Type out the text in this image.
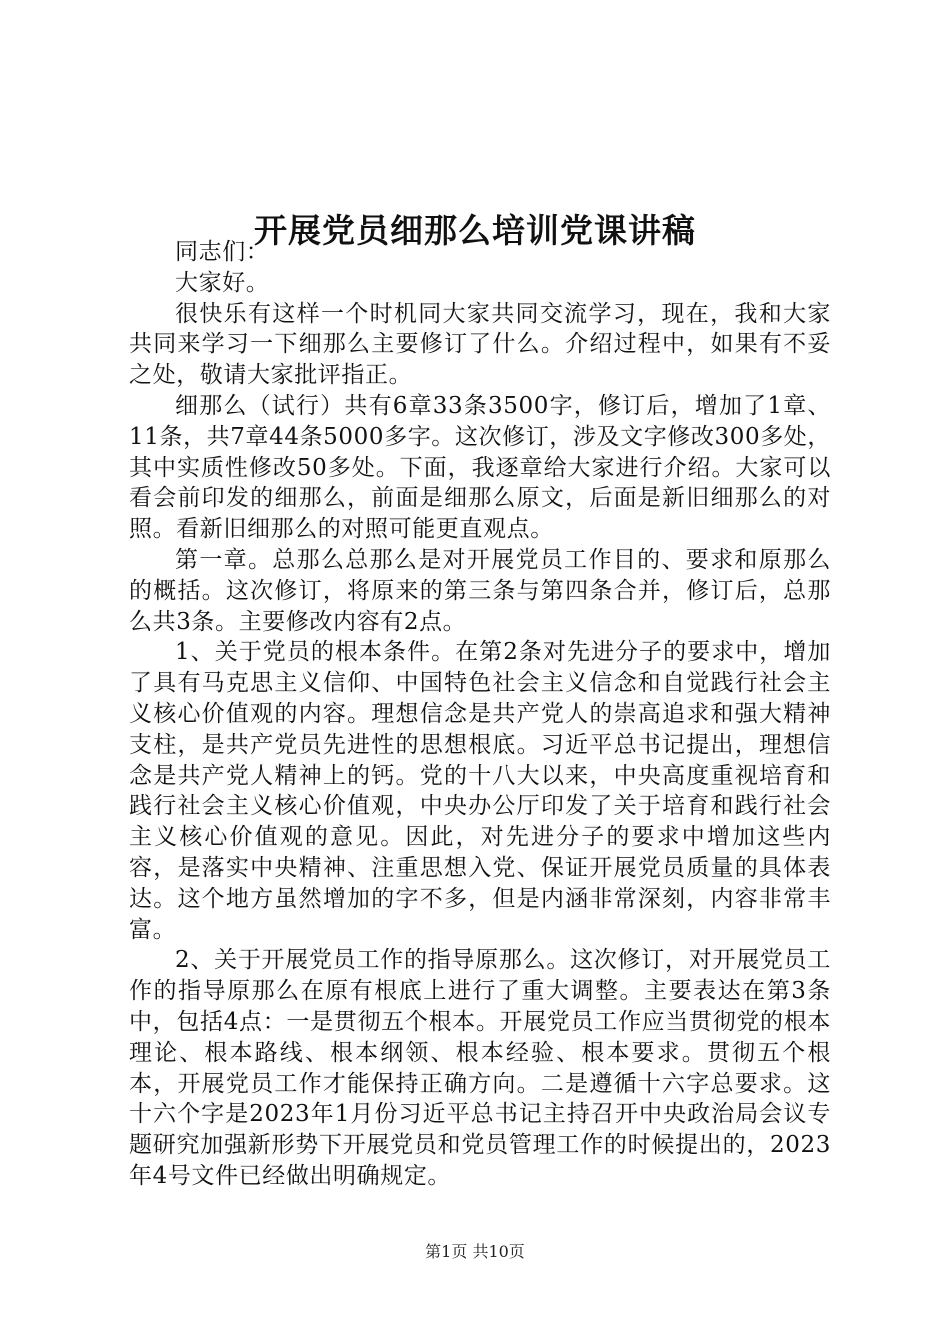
开展党员细那么培训党课讲稿

同志们：

大家好。

很快乐有这样一个时机同大家共同交流学习，现在，我和大家共同来学习一下细那么主要修订了什么。介绍过程中，如果有不妥之处，敬请大家批评指正。

细那么（试行）共有6章33条3500字，修订后，增加了1章、11条，共7章44条5000多字。这次修订，涉及文字修改300多处，其中实质性修改50多处。下面，我逐章给大家进行介绍。大家可以看会前印发的细那么，前面是细那么原文，后面是新旧细那么的对照。看新旧细那么的对照可能更直观点。

第一章。总那么总那么是对开展党员工作目的、要求和原那么的概括。这次修订，将原来的第三条与第四条合并，修订后，总那么共3条。主要修改内容有2点。

1、关于党员的根本条件。在第2条对先进分子的要求中，增加了具有马克思主义信仰、中国特色社会主义信念和自觉践行社会主义核心价值观的内容。理想信念是共产党人的崇高追求和强大精神支柱，是共产党员先进性的思想根底。习近平总书记提出，理想信念是共产党人精神上的钙。党的十八大以来，中央高度重视培育和践行社会主义核心价值观，中央办公厅印发了关于培育和践行社会主义核心价值观的意见。因此，对先进分子的要求中增加这些内容，是落实中央精神、注重思想入党、保证开展党员质量的具体表达。这个地方虽然增加的字不多，但是内涵非常深刻，内容非常丰富。

2、关于开展党员工作的指导原那么。这次修订，对开展党员工作的指导原那么在原有根底上进行了重大调整。主要表达在第3条中，包括4点：一是贯彻五个根本。开展党员工作应当贯彻党的根本理论、根本路线、根本纲领、根本经验、根本要求。贯彻五个根本，开展党员工作才能保持正确方向。二是遵循十六字总要求。这十六个字是2023年1月份习近平总书记主持召开中央政治局会议专题研究加强新形势下开展党员和党员管理工作的时候提出的，2023年4号文件已经做出明确规定。

第1页 共10页
